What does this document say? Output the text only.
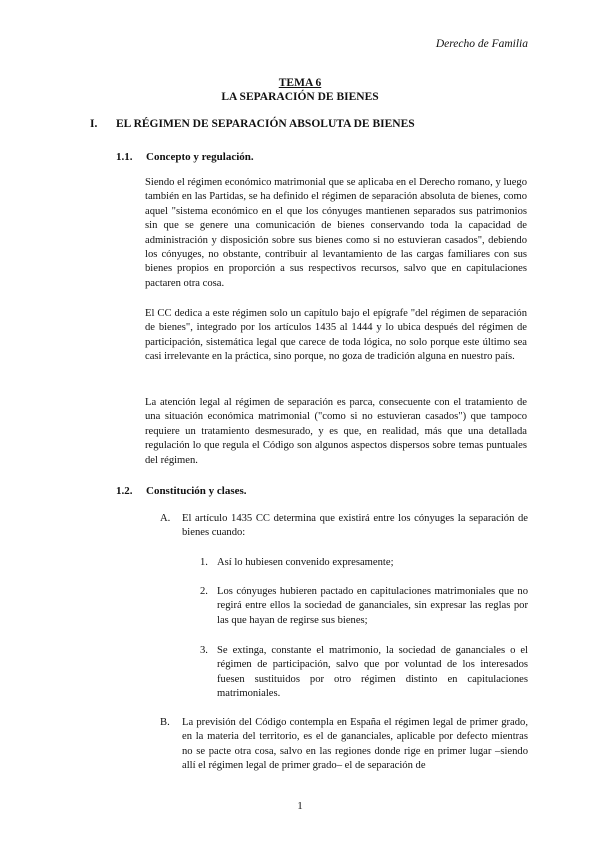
Derecho de Familia
TEMA 6
LA SEPARACIÓN DE BIENES
I. EL RÉGIMEN DE SEPARACIÓN ABSOLUTA DE BIENES
1.1. Concepto y regulación.

Siendo el régimen económico matrimonial que se aplicaba en el Derecho romano, y luego también en las Partidas, se ha definido el régimen de separación absoluta de bienes, como aquel "sistema económico en el que los cónyuges mantienen separados sus patrimonios sin que se genere una comunicación de bienes conservando toda la capacidad de administración y disposición sobre sus bienes como si no estuvieran casados", debiendo los cónyuges, no obstante, contribuir al levantamiento de las cargas familiares con sus bienes propios en proporción a sus respectivos recursos, salvo que en capitulaciones pactaren otra cosa.

El CC dedica a este régimen solo un capítulo bajo el epígrafe "del régimen de separación de bienes", integrado por los artículos 1435 al 1444 y lo ubica después del régimen de participación, sistemática legal que carece de toda lógica, no solo porque este último sea casi irrelevante en la práctica, sino porque, no goza de tradición alguna en nuestro país.

La atención legal al régimen de separación es parca, consecuente con el tratamiento de una situación económica matrimonial ("como si no estuvieran casados") que tampoco requiere un tratamiento desmesurado, y es que, en realidad, más que una detallada regulación lo que regula el Código son algunos aspectos dispersos sobre temas puntuales del régimen.

1.2. Constitución y clases.
A. El artículo 1435 CC determina que existirá entre los cónyuges la separación de bienes cuando:
1. Así lo hubiesen convenido expresamente;
2. Los cónyuges hubieren pactado en capitulaciones matrimoniales que no regirá entre ellos la sociedad de gananciales, sin expresar las reglas por las que hayan de regirse sus bienes;
3. Se extinga, constante el matrimonio, la sociedad de gananciales o el régimen de participación, salvo que por voluntad de los interesados fuesen sustituidos por otro régimen distinto en capitulaciones matrimoniales.
B. La previsión del Código contempla en España el régimen legal de primer grado, en la materia del territorio, es el de gananciales, aplicable por defecto mientras no se pacte otra cosa, salvo en las regiones donde rige en primer lugar –siendo allí el régimen legal de primer grado– el de separación de
1
